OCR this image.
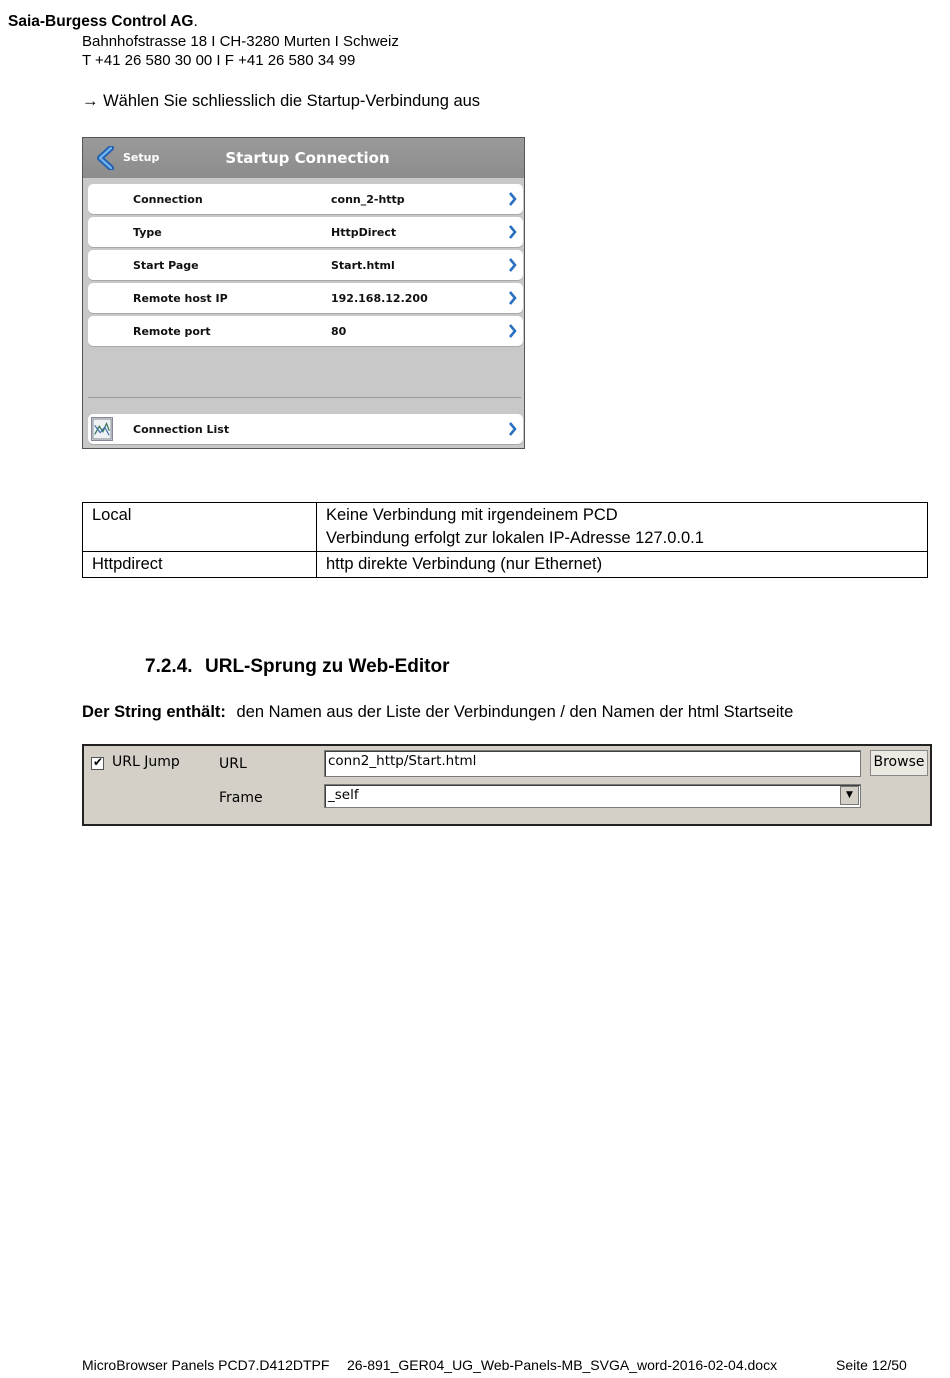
Saia-Burgess Control AG.
Bahnhofstrasse 18 I CH-3280 Murten I Schweiz
T +41 26 580 30 00 I F +41 26 580 34 99
→ Wählen Sie schliesslich die Startup-Verbindung aus
Setup	Startup Connection
Connection	conn_2-http
Type	HttpDirect
Start Page	Start.html
Remote host IP	192.168.12.200
Remote port	80
Connection List
Local	Keine Verbindung mit irgendeinem PCD
Verbindung erfolgt zur lokalen IP-Adresse 127.0.0.1

Httpdirect	http direkte Verbindung (nur Ethernet)
7.2.4. URL-Sprung zu Web-Editor
Der String enthält: den Namen aus der Liste der Verbindungen / den Namen der html Startseite
✔ URL Jump	URL	conn2_http/Start.html	Browse
Frame	_self	▼
MicroBrowser Panels PCD7.D412DTPF 26-891_GER04_UG_Web-Panels-MB_SVGA_word-2016-02-04.docx	Seite 12/50
